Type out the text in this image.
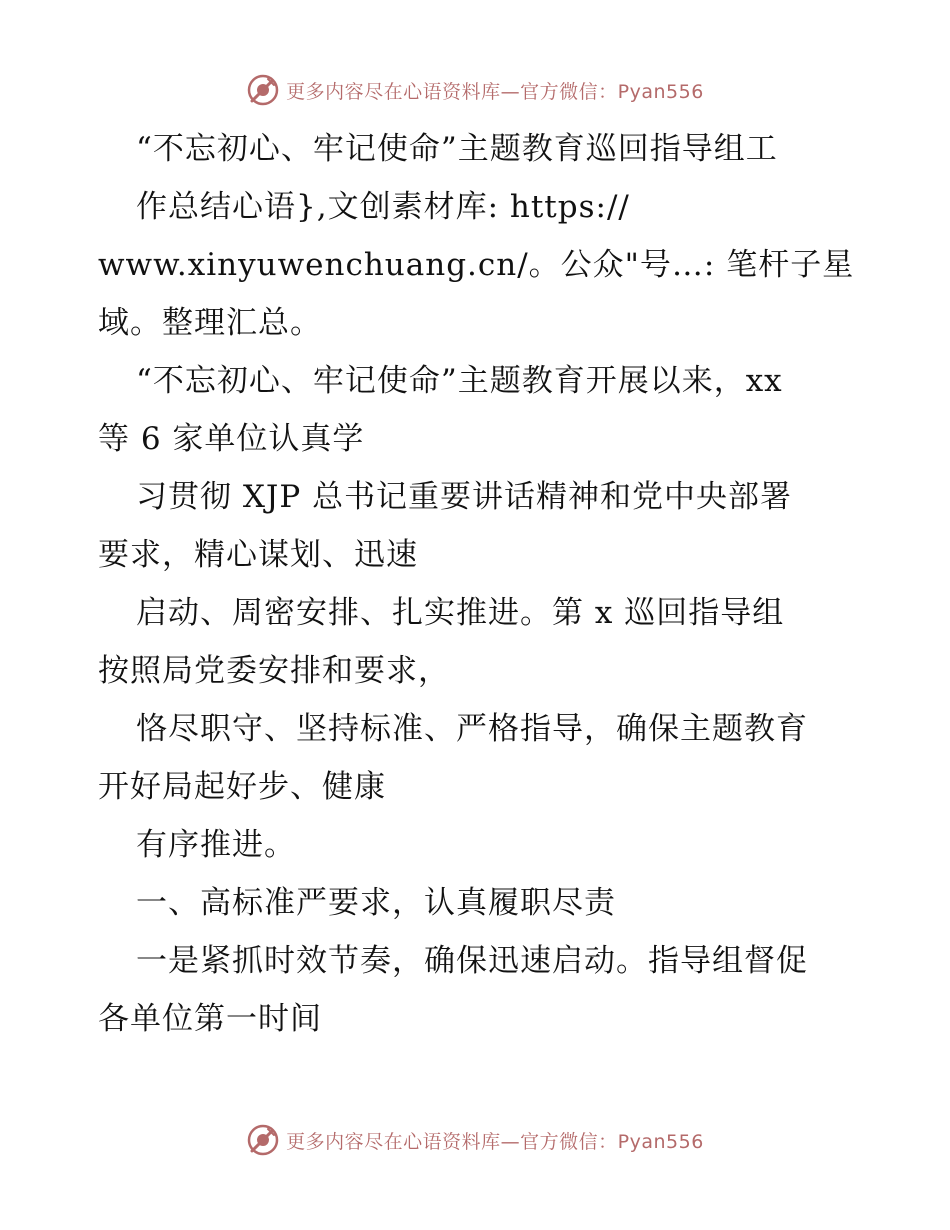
更多内容尽在心语资料库—官方微信：Pyan556
“不忘初心、牢记使命”主题教育巡回指导组工
作总结心语},文创素材库: https://
www.xinyuwenchuang.cn/。公众"号…: 笔杆子星
域。整理汇总。
“不忘初心、牢记使命”主题教育开展以来，xx
等 6 家单位认真学
习贯彻 XJP 总书记重要讲话精神和党中央部署
要求，精心谋划、迅速
启动、周密安排、扎实推进。第 x 巡回指导组
按照局党委安排和要求，
恪尽职守、坚持标准、严格指导，确保主题教育
开好局起好步、健康
有序推进。
一、高标准严要求，认真履职尽责
一是紧抓时效节奏，确保迅速启动。指导组督促
各单位第一时间
更多内容尽在心语资料库—官方微信：Pyan556
